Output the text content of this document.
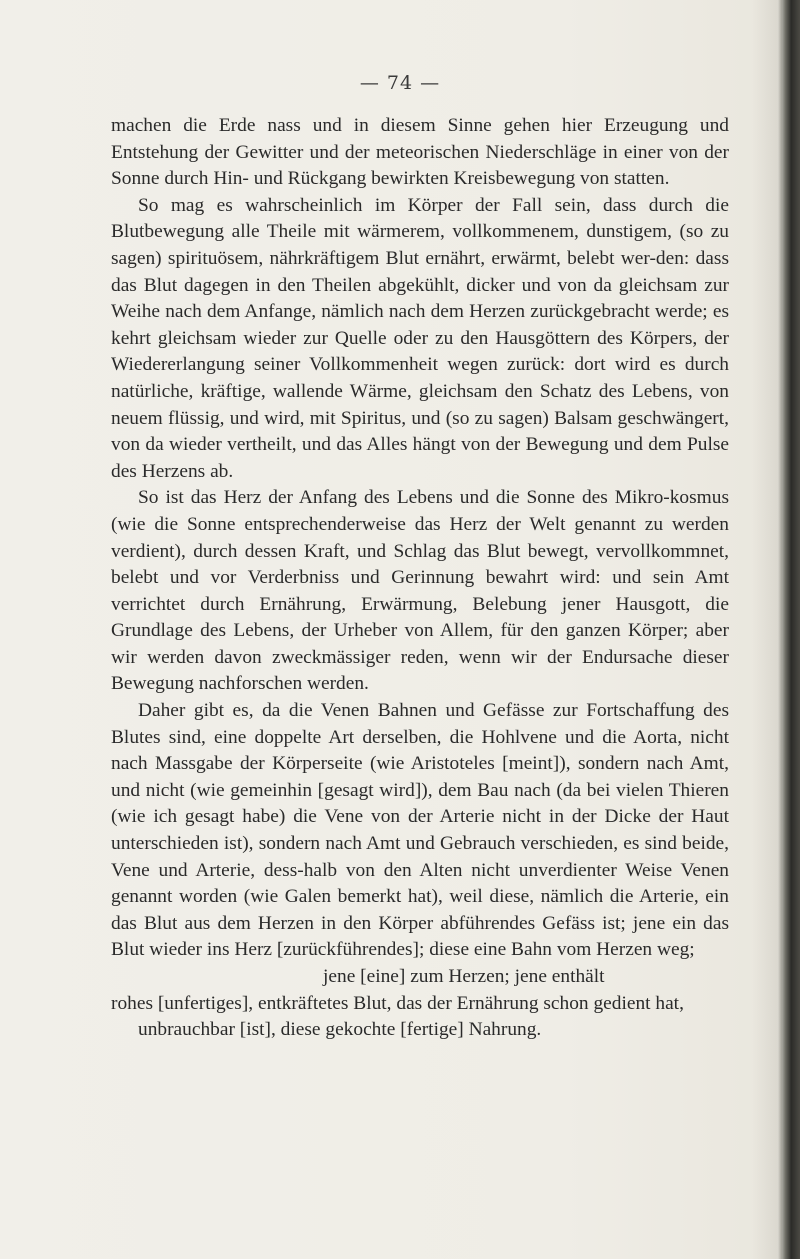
— 74 —

machen die Erde nass und in diesem Sinne gehen hier Erzeugung und Entstehung der Gewitter und der meteorischen Niederschläge in einer von der Sonne durch Hin- und Rückgang bewirkten Kreisbewegung von statten.

So mag es wahrscheinlich im Körper der Fall sein, dass durch die Blutbewegung alle Theile mit wärmerem, vollkommenem, dunstigem, (so zu sagen) spirituösem, nährkräftigem Blut ernährt, erwärmt, belebt wer-den: dass das Blut dagegen in den Theilen abgekühlt, dicker und von da gleichsam zur Weihe nach dem Anfange, nämlich nach dem Herzen zurückgebracht werde; es kehrt gleichsam wieder zur Quelle oder zu den Hausgöttern des Körpers, der Wiedererlangung seiner Vollkommenheit wegen zurück: dort wird es durch natürliche, kräftige, wallende Wärme, gleichsam den Schatz des Lebens, von neuem flüssig, und wird, mit Spiritus, und (so zu sagen) Balsam geschwängert, von da wieder vertheilt, und das Alles hängt von der Bewegung und dem Pulse des Herzens ab.

So ist das Herz der Anfang des Lebens und die Sonne des Mikro-kosmus (wie die Sonne entsprechenderweise das Herz der Welt genannt zu werden verdient), durch dessen Kraft, und Schlag das Blut bewegt, vervollkommnet, belebt und vor Verderbniss und Gerinnung bewahrt wird: und sein Amt verrichtet durch Ernährung, Erwärmung, Belebung jener Hausgott, die Grundlage des Lebens, der Urheber von Allem, für den ganzen Körper; aber wir werden davon zweckmässiger reden, wenn wir der Endursache dieser Bewegung nachforschen werden.

Daher gibt es, da die Venen Bahnen und Gefässe zur Fortschaffung des Blutes sind, eine doppelte Art derselben, die Hohlvene und die Aorta, nicht nach Massgabe der Körperseite (wie Aristoteles [meint]), sondern nach Amt, und nicht (wie gemeinhin [gesagt wird]), dem Bau nach (da bei vielen Thieren (wie ich gesagt habe) die Vene von der Arterie nicht in der Dicke der Haut unterschieden ist), sondern nach Amt und Gebrauch verschieden, es sind beide, Vene und Arterie, dess-halb von den Alten nicht unverdienter Weise Venen genannt worden (wie Galen bemerkt hat), weil diese, nämlich die Arterie, ein das Blut aus dem Herzen in den Körper abführendes Gefäss ist; jene ein das Blut wieder ins Herz [zurückführendes]; diese eine Bahn vom Herzen weg;

jene [eine] zum Herzen; jene enthält
rohes [unfertiges], entkräftetes Blut, das der Ernährung schon gedient hat,
unbrauchbar [ist], diese gekochte [fertige] Nahrung.
